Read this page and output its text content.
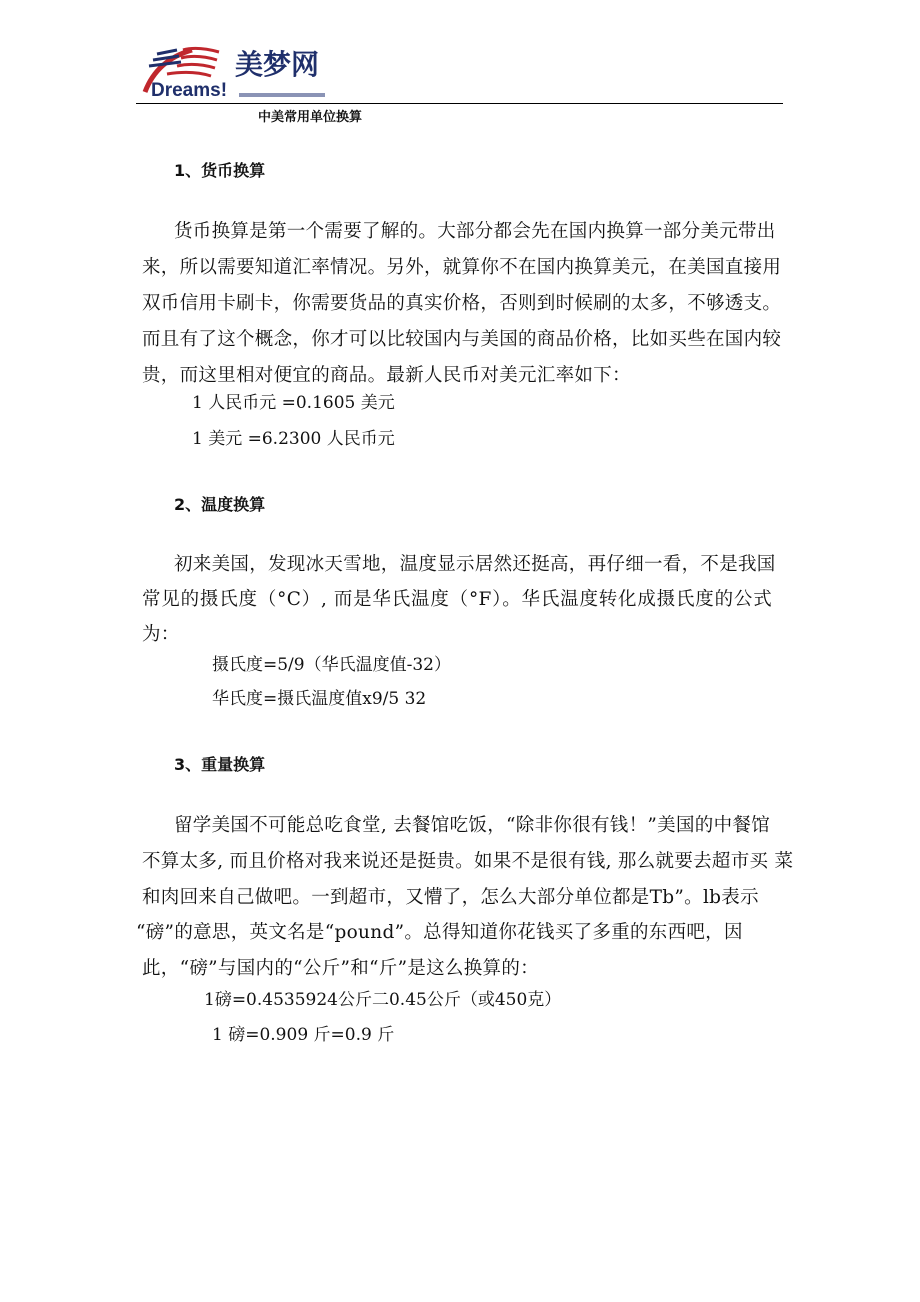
美梦网
Dreams!
中美常用单位换算
1、货币换算
货币换算是第一个需要了解的。大部分都会先在国内换算一部分美元带出
来，所以需要知道汇率情况。另外，就算你不在国内换算美元，在美国直接用
双币信用卡刷卡，你需要货品的真实价格，否则到时候刷的太多，不够透支。
而且有了这个概念，你才可以比较国内与美国的商品价格，比如买些在国内较
贵，而这里相对便宜的商品。最新人民币对美元汇率如下：
1 人民币元 =0.1605 美元
1 美元 =6.2300 人民币元
2、温度换算
初来美国，发现冰天雪地，温度显示居然还挺高，再仔细一看，不是我国
常见的摄氏度（°C）, 而是华氏温度（°F）。华氏温度转化成摄氏度的公式
为：
摄氏度=5/9（华氏温度值-32）
华氏度=摄氏温度值x9/5 32
3、重量换算
留学美国不可能总吃食堂, 去餐馆吃饭，“除非你很有钱！”美国的中餐馆
不算太多, 而且价格对我来说还是挺贵。如果不是很有钱, 那么就要去超市买 菜
和肉回来自己做吧。一到超市，又懵了，怎么大部分单位都是Tb”。lb表示
“磅”的意思，英文名是“pound”。总得知道你花钱买了多重的东西吧，因
此，“磅”与国内的“公斤”和“斤”是这么换算的：
1磅=0.4535924公斤二0.45公斤（或450克）
1 磅=0.909 斤=0.9 斤
